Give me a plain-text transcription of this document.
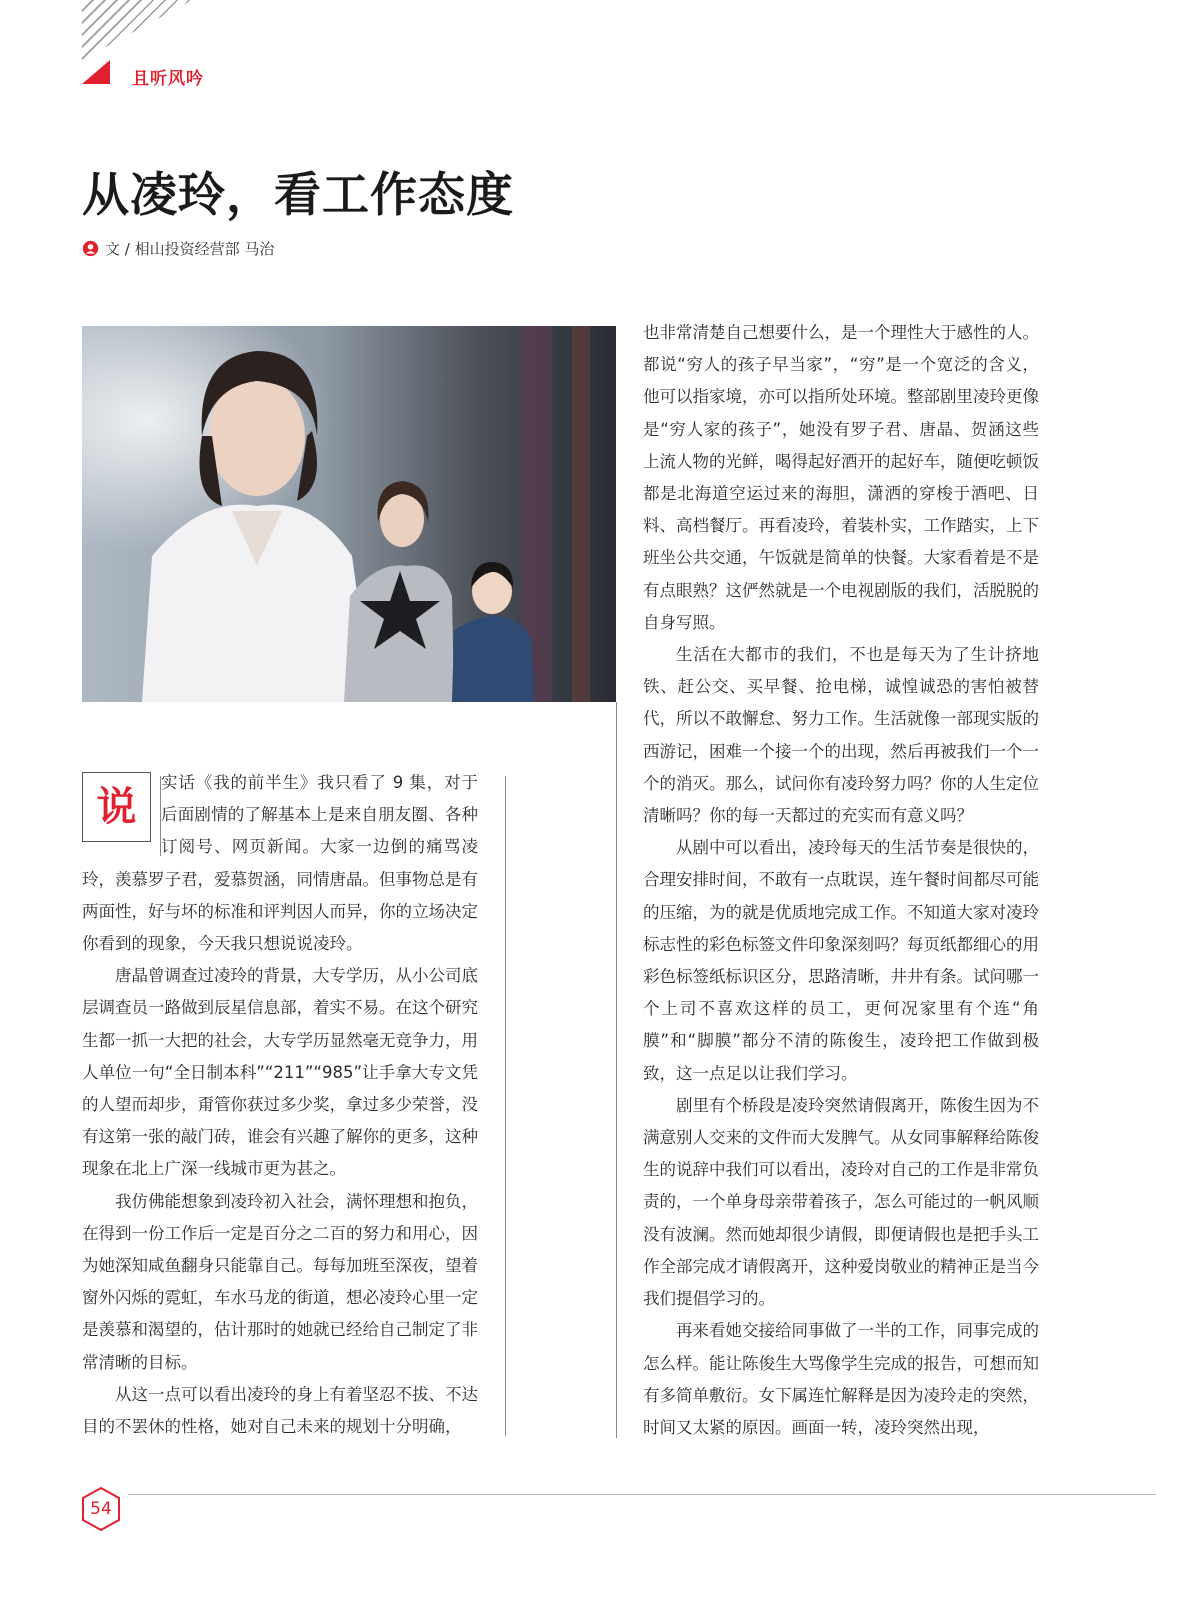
且听风吟
从凌玲，看工作态度
文 / 相山投资经营部 马治
说

实话《我的前半生》我只看了 9 集，对于后面剧情的了解基本上是来自朋友圈、各种订阅号、网页新闻。大家一边倒的痛骂凌玲，羡慕罗子君，爱慕贺涵，同情唐晶。但事物总是有两面性，好与坏的标准和评判因人而异，你的立场决定你看到的现象，今天我只想说说凌玲。

唐晶曾调查过凌玲的背景，大专学历，从小公司底层调查员一路做到辰星信息部，着实不易。在这个研究生都一抓一大把的社会，大专学历显然毫无竞争力，用人单位一句“全日制本科”“211”“985”让手拿大专文凭的人望而却步，甭管你获过多少奖，拿过多少荣誉，没有这第一张的敲门砖，谁会有兴趣了解你的更多，这种现象在北上广深一线城市更为甚之。

我仿佛能想象到凌玲初入社会，满怀理想和抱负，在得到一份工作后一定是百分之二百的努力和用心，因为她深知咸鱼翻身只能靠自己。每每加班至深夜，望着窗外闪烁的霓虹，车水马龙的街道，想必凌玲心里一定是羡慕和渴望的，估计那时的她就已经给自己制定了非常清晰的目标。

从这一点可以看出凌玲的身上有着坚忍不拔、不达目的不罢休的性格，她对自己未来的规划十分明确，

也非常清楚自己想要什么，是一个理性大于感性的人。都说“穷人的孩子早当家”，“穷”是一个宽泛的含义，他可以指家境，亦可以指所处环境。整部剧里凌玲更像是“穷人家的孩子”，她没有罗子君、唐晶、贺涵这些上流人物的光鲜，喝得起好酒开的起好车，随便吃顿饭都是北海道空运过来的海胆，潇洒的穿梭于酒吧、日料、高档餐厅。再看凌玲，着装朴实，工作踏实，上下班坐公共交通，午饭就是简单的快餐。大家看着是不是有点眼熟？这俨然就是一个电视剧版的我们，活脱脱的自身写照。

生活在大都市的我们，不也是每天为了生计挤地铁、赶公交、买早餐、抢电梯，诚惶诚恐的害怕被替代，所以不敢懈怠、努力工作。生活就像一部现实版的西游记，困难一个接一个的出现，然后再被我们一个一个的消灭。那么，试问你有凌玲努力吗？你的人生定位清晰吗？你的每一天都过的充实而有意义吗？

从剧中可以看出，凌玲每天的生活节奏是很快的，合理安排时间，不敢有一点耽误，连午餐时间都尽可能的压缩，为的就是优质地完成工作。不知道大家对凌玲标志性的彩色标签文件印象深刻吗？每页纸都细心的用彩色标签纸标识区分，思路清晰，井井有条。试问哪一个上司不喜欢这样的员工，更何况家里有个连“角膜”和“脚膜”都分不清的陈俊生，凌玲把工作做到极致，这一点足以让我们学习。

剧里有个桥段是凌玲突然请假离开，陈俊生因为不满意别人交来的文件而大发脾气。从女同事解释给陈俊生的说辞中我们可以看出，凌玲对自己的工作是非常负责的，一个单身母亲带着孩子，怎么可能过的一帆风顺没有波澜。然而她却很少请假，即便请假也是把手头工作全部完成才请假离开，这种爱岗敬业的精神正是当今我们提倡学习的。

再来看她交接给同事做了一半的工作，同事完成的怎么样。能让陈俊生大骂像学生完成的报告，可想而知有多简单敷衍。女下属连忙解释是因为凌玲走的突然，时间又太紧的原因。画面一转，凌玲突然出现，

54
